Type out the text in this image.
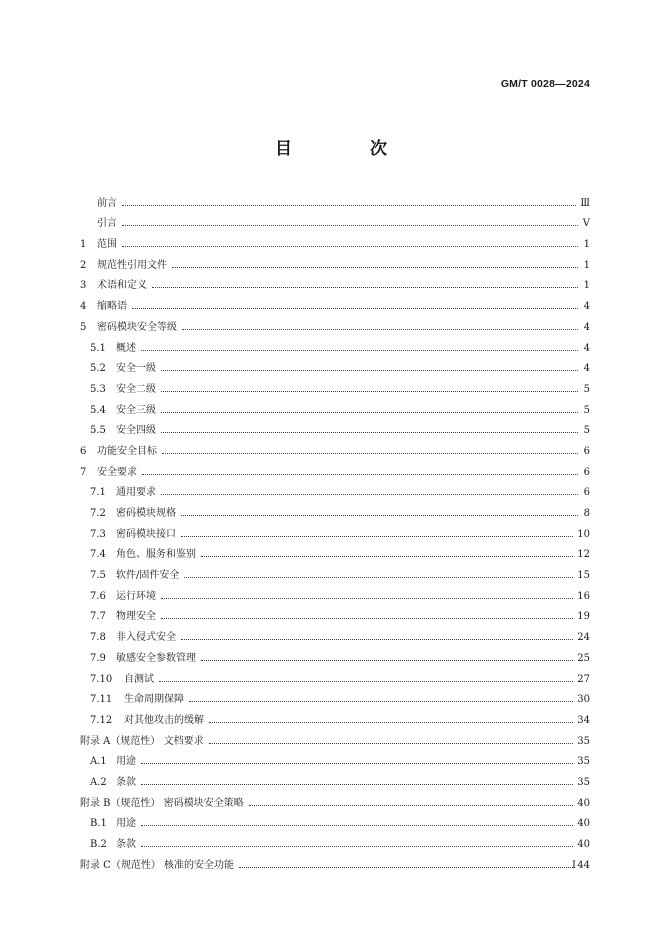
GM/T 0028—2024
目 次
前言	Ⅲ
引言	Ⅴ
1	范围	1
2	规范性引用文件	1
3	术语和定义	1
4	缩略语	4
5	密码模块安全等级	4
5.1	概述	4
5.2	安全一级	4
5.3	安全二级	5
5.4	安全三级	5
5.5	安全四级	5
6	功能安全目标	6
7	安全要求	6
7.1	通用要求	6
7.2	密码模块规格	8
7.3	密码模块接口	10
7.4	角色、服务和鉴别	12
7.5	软件/固件安全	15
7.6	运行环境	16
7.7	物理安全	19
7.8	非入侵式安全	24
7.9	敏感安全参数管理	25
7.10	自测试	27
7.11	生命周期保障	30
7.12	对其他攻击的缓解	34
附录 A（规范性） 文档要求	35
A.1 用途	35
A.2 条款	35
附录 B（规范性） 密码模块安全策略	40
B.1 用途	40
B.2 条款	40
附录 C（规范性） 核准的安全功能	44
I
